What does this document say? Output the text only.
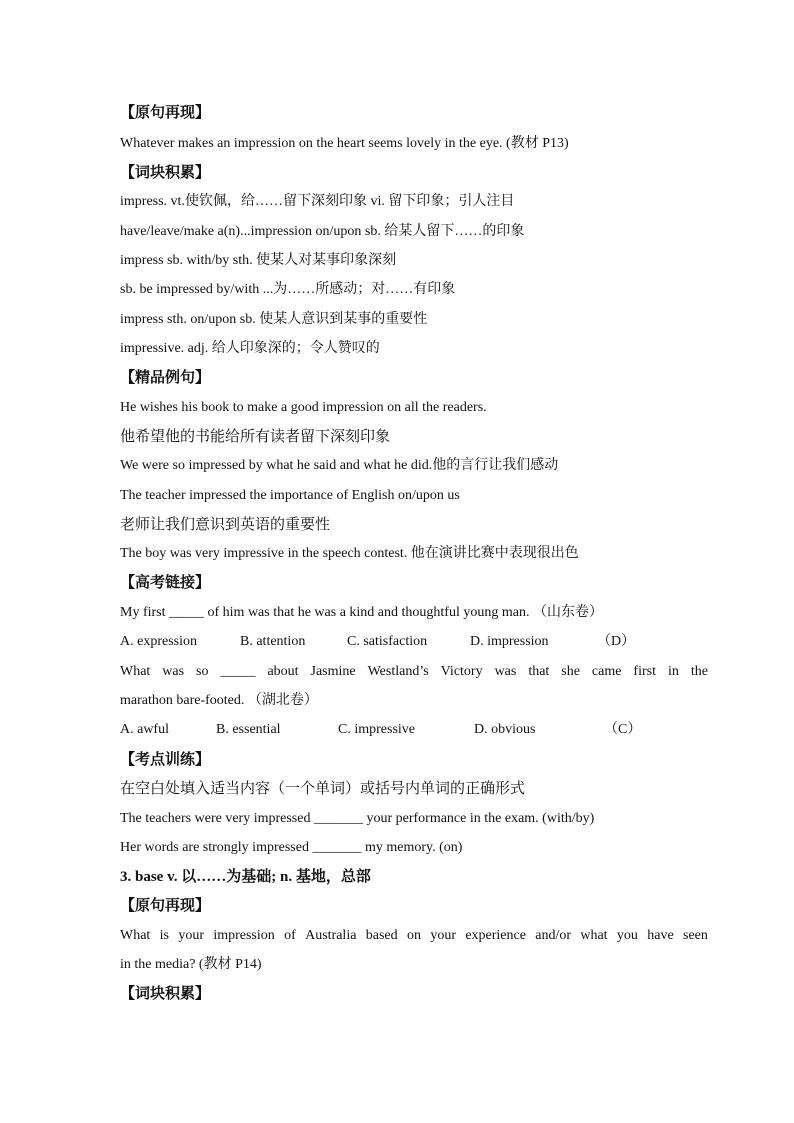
【原句再现】
Whatever makes an impression on the heart seems lovely in the eye. (教材 P13)
【词块积累】
impress. vt.使钦佩，给……留下深刻印象 vi. 留下印象；引人注目
have/leave/make a(n)...impression on/upon sb. 给某人留下……的印象
impress sb. with/by sth. 使某人对某事印象深刻
sb. be impressed by/with ...为……所感动；对……有印象
impress sth. on/upon sb. 使某人意识到某事的重要性
impressive. adj. 给人印象深的；令人赞叹的
【精品例句】
He wishes his book to make a good impression on all the readers.
他希望他的书能给所有读者留下深刻印象
We were so impressed by what he said and what he did.他的言行让我们感动
The teacher impressed the importance of English on/upon us
老师让我们意识到英语的重要性
The boy was very impressive in the speech contest. 他在演讲比赛中表现很出色
【高考链接】
My first _____ of him was that he was a kind and thoughtful young man. （山东卷）
A. expression	B. attention	C. satisfaction	D. impression	（D）
What was so _____ about Jasmine Westland’s Victory was that she came first in the
marathon bare-footed. （湖北卷）
A. awful	B. essential	C. impressive	D. obvious	（C）
【考点训练】
在空白处填入适当内容（一个单词）或括号内单词的正确形式
The teachers were very impressed _______ your performance in the exam. (with/by)
Her words are strongly impressed _______ my memory. (on)
3. base v. 以……为基础; n. 基地，总部
【原句再现】
What is your impression of Australia based on your experience and/or what you have seen
in the media? (教材 P14)
【词块积累】
